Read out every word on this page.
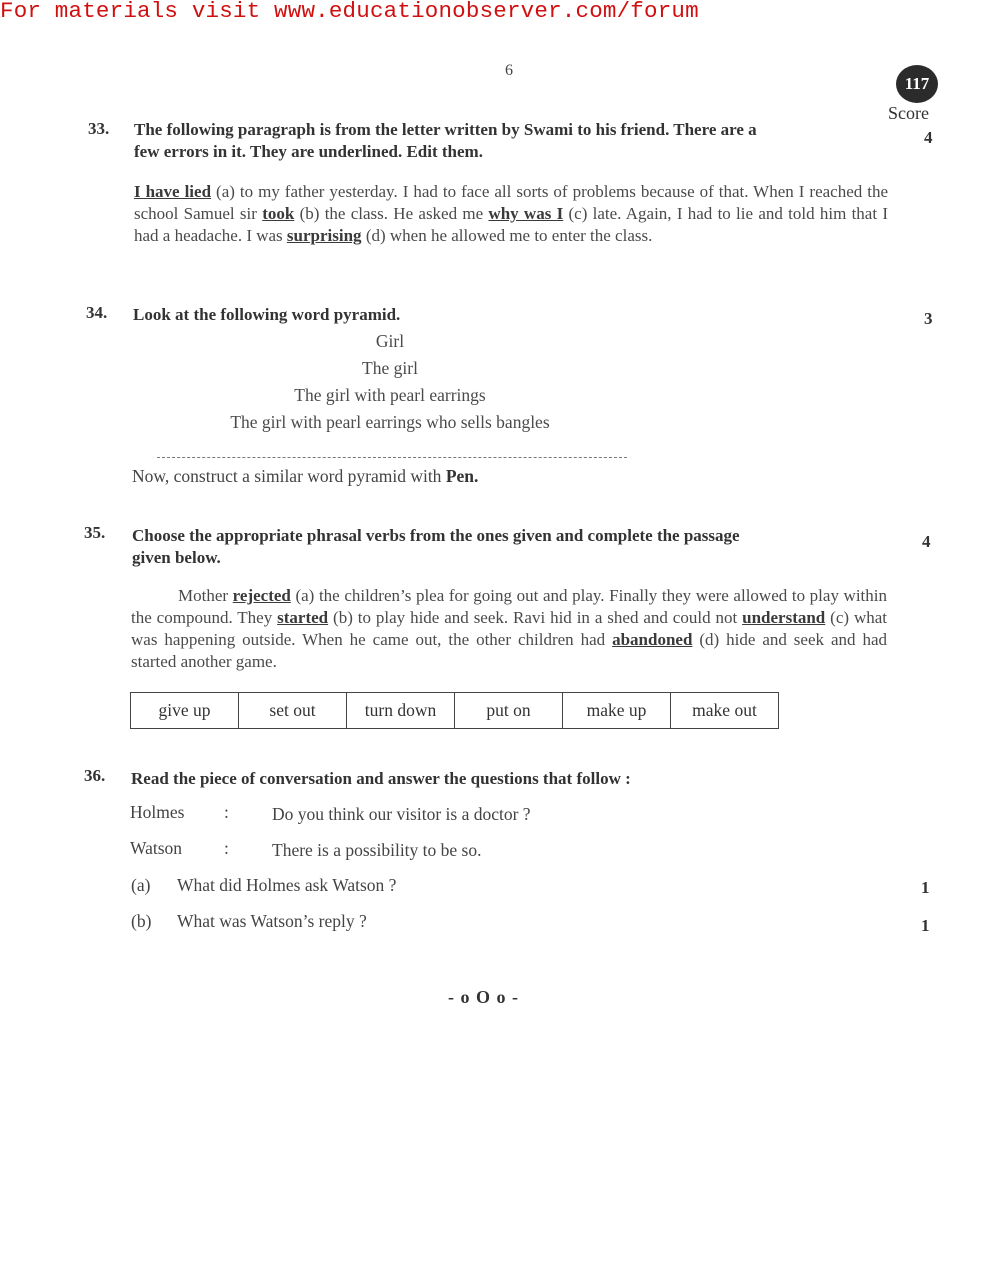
For materials visit www.educationobserver.com/forum
6
117
Score
33. The following paragraph is from the letter written by Swami to his friend. There are a
few errors in it. They are underlined. Edit them.
4
I have lied (a) to my father yesterday. I had to face all sorts of problems because of that. When I reached the school Samuel sir took (b) the class. He asked me why was I (c) late. Again, I had to lie and told him that I had a headache. I was surprising (d) when he allowed me to enter the class.
34. Look at the following word pyramid.	3
Girl
The girl
The girl with pearl earrings
The girl with pearl earrings who sells bangles
Now, construct a similar word pyramid with Pen.
35. Choose the appropriate phrasal verbs from the ones given and complete the passage
given below.
4
Mother rejected (a) the children’s plea for going out and play. Finally they were allowed to play within the compound. They started (b) to play hide and seek. Ravi hid in a shed and could not understand (c) what was happening outside. When he came out, the other children had abandoned (d) hide and seek and had started another game.
give up	set out	turn down	put on	make up	make out
36. Read the piece of conversation and answer the questions that follow :
Holmes : Do you think our visitor is a doctor ?
Watson : There is a possibility to be so.
(a) What did Holmes ask Watson ?	1
(b) What was Watson’s reply ?	1
- o O o -
